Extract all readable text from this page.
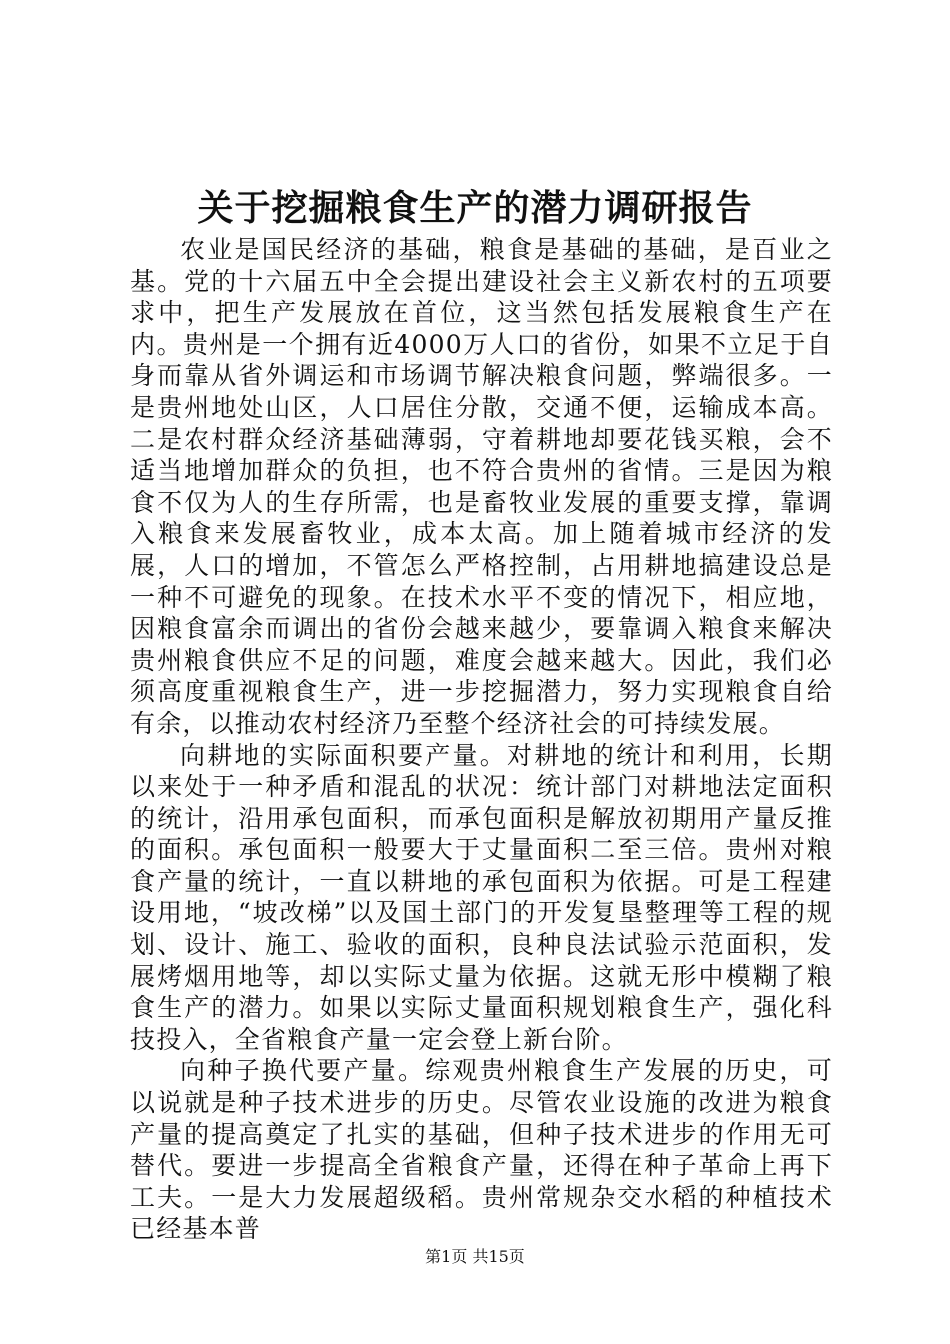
关于挖掘粮食生产的潜力调研报告

农业是国民经济的基础，粮食是基础的基础，是百业之基。党的十六届五中全会提出建设社会主义新农村的五项要求中，把生产发展放在首位，这当然包括发展粮食生产在内。贵州是一个拥有近4000万人口的省份，如果不立足于自身而靠从省外调运和市场调节解决粮食问题，弊端很多。一是贵州地处山区，人口居住分散，交通不便，运输成本高。二是农村群众经济基础薄弱，守着耕地却要花钱买粮，会不适当地增加群众的负担，也不符合贵州的省情。三是因为粮食不仅为人的生存所需，也是畜牧业发展的重要支撑，靠调入粮食来发展畜牧业，成本太高。加上随着城市经济的发展，人口的增加，不管怎么严格控制，占用耕地搞建设总是一种不可避免的现象。在技术水平不变的情况下，相应地，因粮食富余而调出的省份会越来越少，要靠调入粮食来解决贵州粮食供应不足的问题，难度会越来越大。因此，我们必须高度重视粮食生产，进一步挖掘潜力，努力实现粮食自给有余，以推动农村经济乃至整个经济社会的可持续发展。

向耕地的实际面积要产量。对耕地的统计和利用，长期以来处于一种矛盾和混乱的状况：统计部门对耕地法定面积的统计，沿用承包面积，而承包面积是解放初期用产量反推的面积。承包面积一般要大于丈量面积二至三倍。贵州对粮食产量的统计，一直以耕地的承包面积为依据。可是工程建设用地，“坡改梯”以及国土部门的开发复垦整理等工程的规划、设计、施工、验收的面积，良种良法试验示范面积，发展烤烟用地等，却以实际丈量为依据。这就无形中模糊了粮食生产的潜力。如果以实际丈量面积规划粮食生产，强化科技投入，全省粮食产量一定会登上新台阶。

向种子换代要产量。综观贵州粮食生产发展的历史，可以说就是种子技术进步的历史。尽管农业设施的改进为粮食产量的提高奠定了扎实的基础，但种子技术进步的作用无可替代。要进一步提高全省粮食产量，还得在种子革命上再下工夫。一是大力发展超级稻。贵州常规杂交水稻的种植技术已经基本普

第1页 共15页
